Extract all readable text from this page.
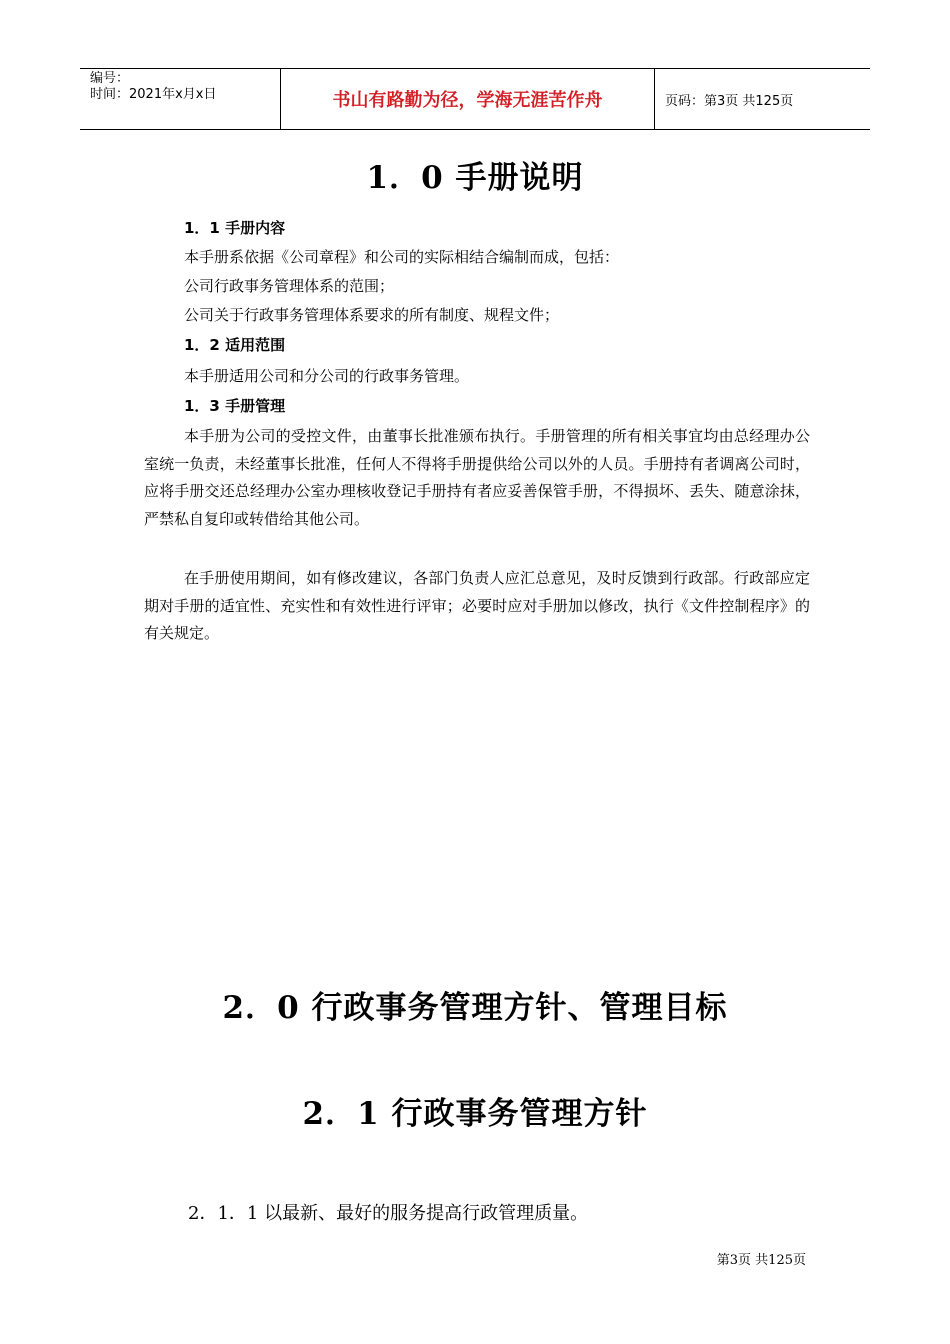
编号：
时间：2021年x月x日	书山有路勤为径，学海无涯苦作舟	页码：第3页 共125页
1．0 手册说明
1．1 手册内容
本手册系依据《公司章程》和公司的实际相结合编制而成，包括：
公司行政事务管理体系的范围；
公司关于行政事务管理体系要求的所有制度、规程文件；
1．2 适用范围
本手册适用公司和分公司的行政事务管理。
1．3 手册管理

本手册为公司的受控文件，由董事长批准颁布执行。手册管理的所有相关事宜均由总经理办公室统一负责，未经董事长批准，任何人不得将手册提供给公司以外的人员。手册持有者调离公司时，应将手册交还总经理办公室办理核收登记手册持有者应妥善保管手册，不得损坏、丢失、随意涂抹，严禁私自复印或转借给其他公司。

在手册使用期间，如有修改建议，各部门负责人应汇总意见，及时反馈到行政部。行政部应定期对手册的适宜性、充实性和有效性进行评审；必要时应对手册加以修改，执行《文件控制程序》的有关规定。

2．0 行政事务管理方针、管理目标
2．1 行政事务管理方针
2．1．1 以最新、最好的服务提高行政管理质量。
第3页 共125页
